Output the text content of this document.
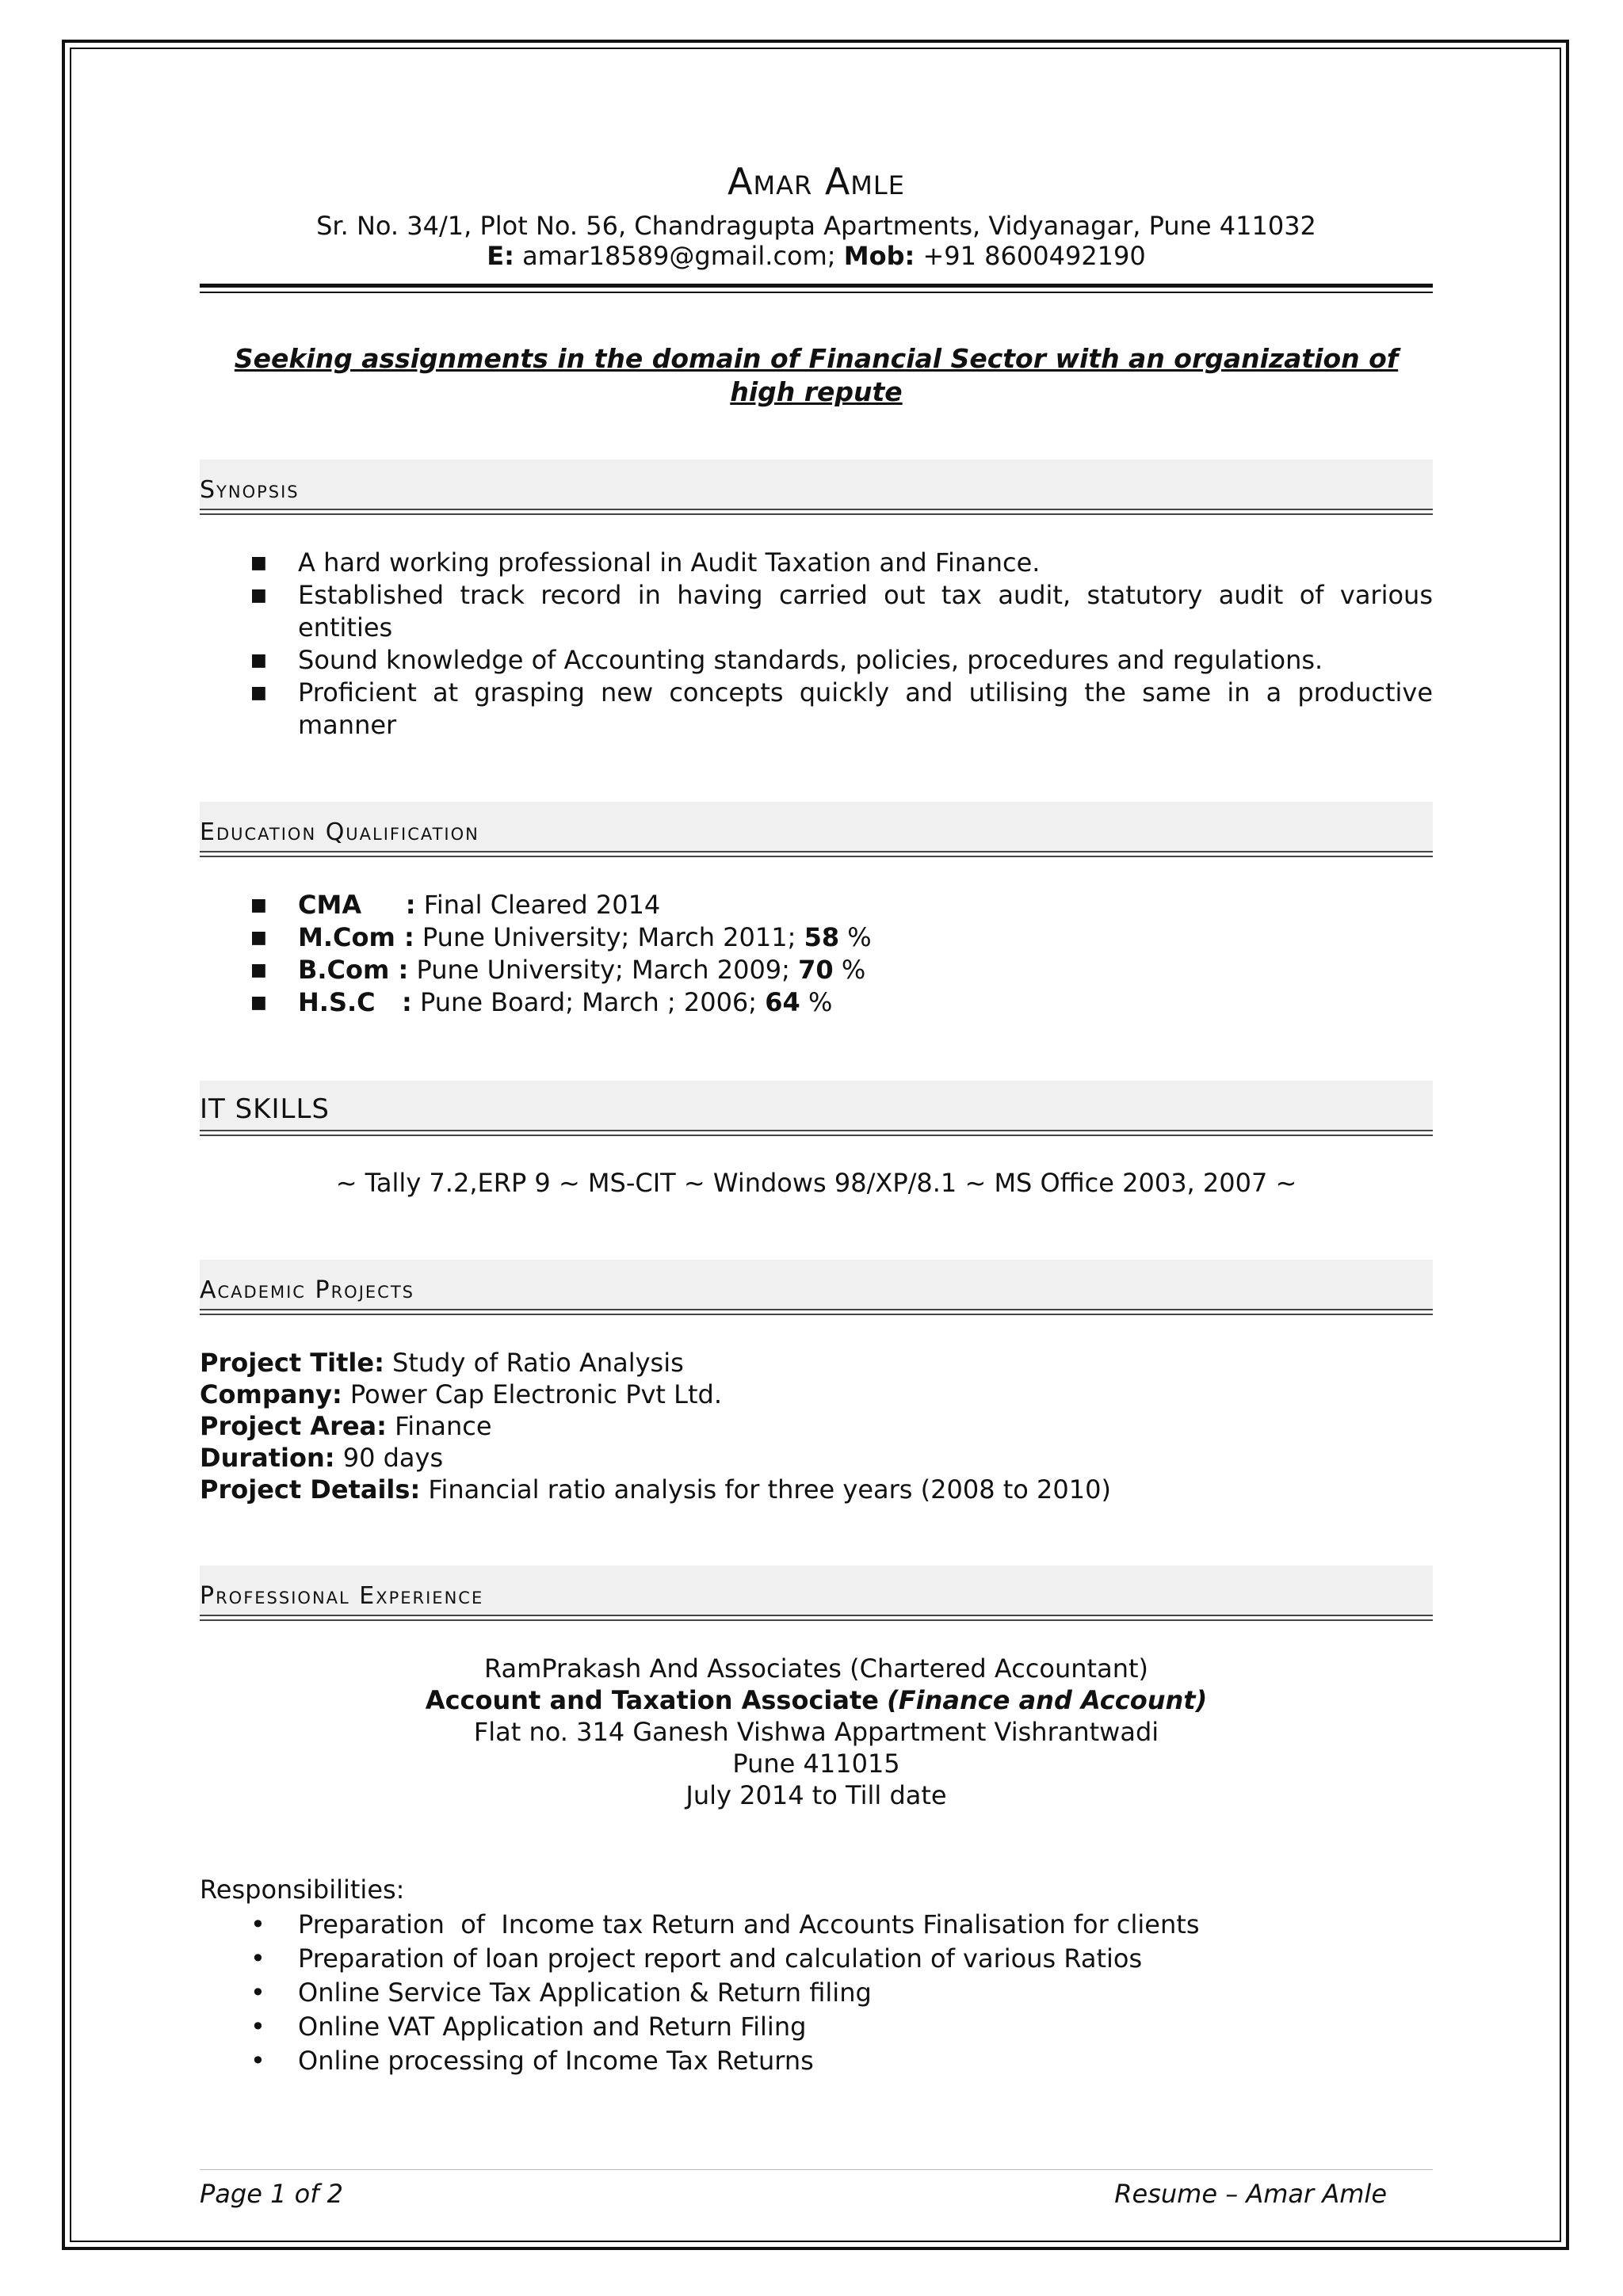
Amar Amle
Sr. No. 34/1, Plot No. 56, Chandragupta Apartments, Vidyanagar, Pune 411032
E: amar18589@gmail.com; Mob: +91 8600492190
Seeking assignments in the domain of Financial Sector with an organization of high repute
Synopsis
■ A hard working professional in Audit Taxation and Finance.
■ Established track record in having carried out tax audit, statutory audit of various entities
■ Sound knowledge of Accounting standards, policies, procedures and regulations.
■ Proficient at grasping new concepts quickly and utilising the same in a productive manner
Education Qualification
■ CMA     : Final Cleared 2014
■ M.Com : Pune University; March 2011; 58 %
■ B.Com : Pune University; March 2009; 70 %
■ H.S.C   : Pune Board; March ; 2006; 64 %
IT SKILLS
~ Tally 7.2,ERP 9 ~ MS-CIT ~ Windows 98/XP/8.1 ~ MS Office 2003, 2007 ~
Academic Projects
Project Title: Study of Ratio Analysis
Company: Power Cap Electronic Pvt Ltd.
Project Area: Finance
Duration: 90 days
Project Details: Financial ratio analysis for three years (2008 to 2010)
Professional Experience
RamPrakash And Associates (Chartered Accountant)
Account and Taxation Associate (Finance and Account)
Flat no. 314 Ganesh Vishwa Appartment Vishrantwadi
Pune 411015
July 2014 to Till date
Responsibilities:
• Preparation  of  Income tax Return and Accounts Finalisation for clients
• Preparation of loan project report and calculation of various Ratios
• Online Service Tax Application & Return filing
• Online VAT Application and Return Filing
• Online processing of Income Tax Returns
Page 1 of 2	Resume – Amar Amle
